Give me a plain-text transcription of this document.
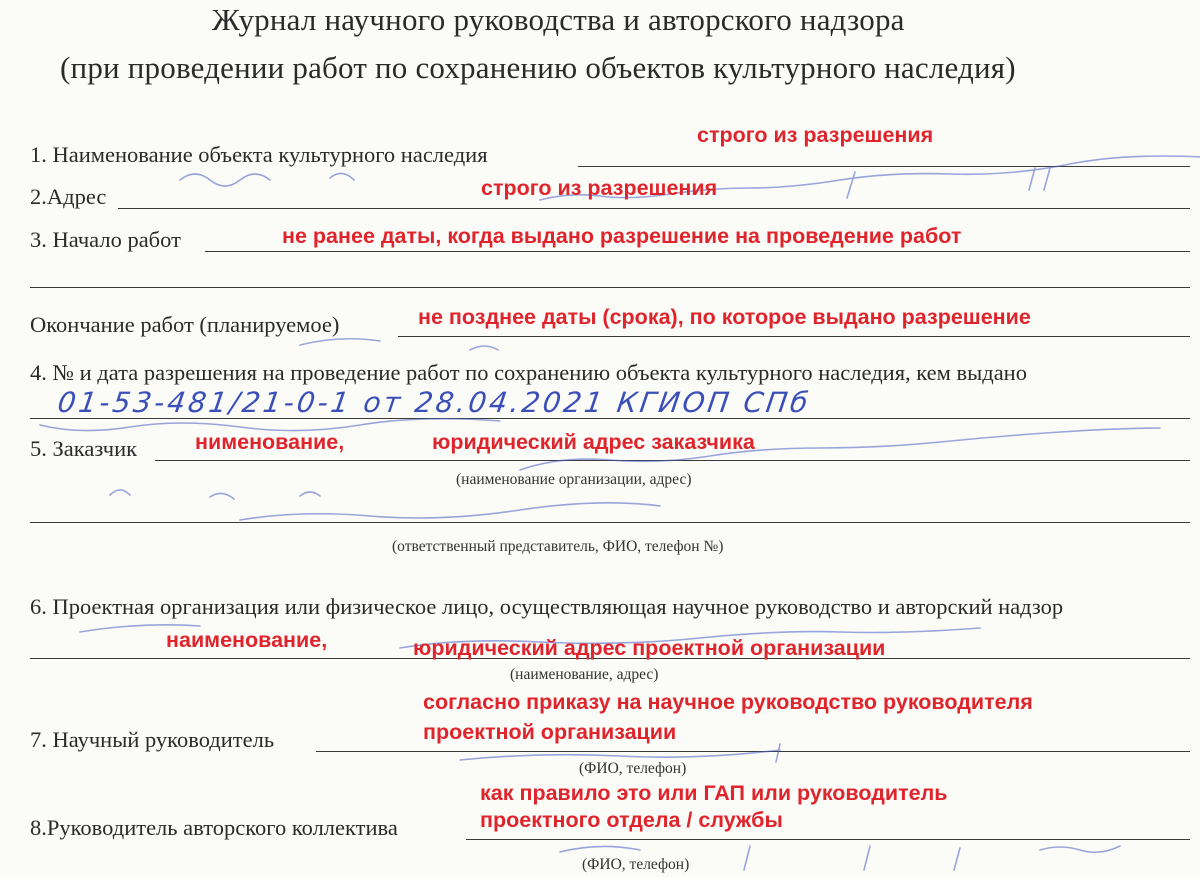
Журнал научного руководства и авторского надзора
(при проведении работ по сохранению объектов культурного наследия)
1. Наименование объекта культурного наследия
2.Адрес
3. Начало работ
Окончание работ (планируемое)
4. № и дата разрешения на проведение работ по сохранению объекта культурного наследия, кем выдано
5. Заказчик
(наименование организации, адрес)
(ответственный представитель, ФИО, телефон №)
6. Проектная организация или физическое лицо, осуществляющая научное руководство и авторский надзор
(наименование, адрес)
7. Научный руководитель
(ФИО, телефон)
8.Руководитель авторского коллектива
(ФИО, телефон)
01-53-481/21-0-1 от 28.04.2021 КГИОП СПб
строго из разрешения
строго из разрешения
не ранее даты, когда выдано разрешение на проведение работ
не позднее даты (срока), по которое выдано разрешение
нименование,	юридический адрес заказчика
наименование,	юридический адрес проектной организации
согласно приказу на научное руководство руководителя
проектной организации
как правило это или ГАП или руководитель
проектного отдела / службы
